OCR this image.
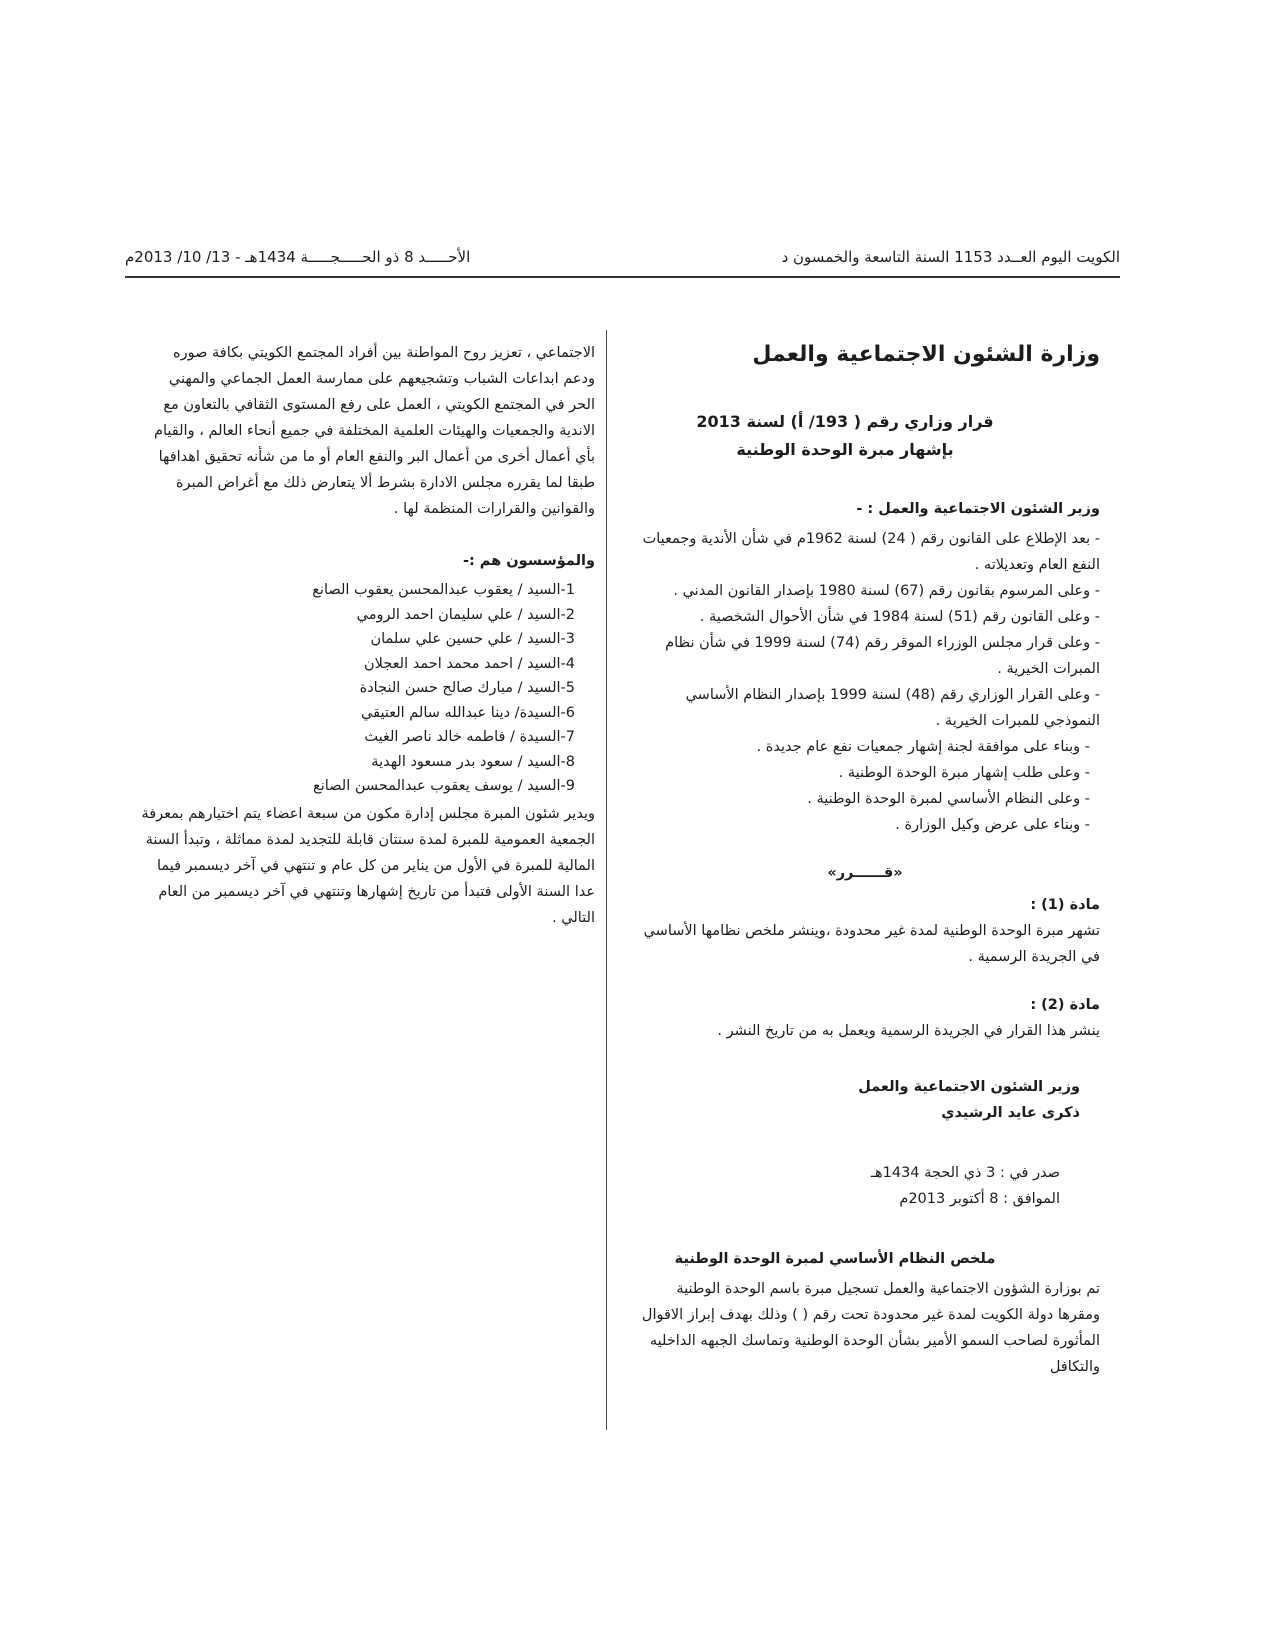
الكويت اليوم العــدد 1153 السنة التاسعة والخمسون د
الأحـــــد 8 ذو الحـــــجـــــة 1434هـ - 13/ 10/ 2013م
وزارة الشئون الاجتماعية والعمل
قرار وزاري رقم ( 193/ أ) لسنة 2013
بإشهار مبرة الوحدة الوطنية
وزير الشئون الاجتماعية والعمل : -

- بعد الإطلاع على القانون رقم ( 24) لسنة 1962م في شأن الأندية وجمعيات النفع العام وتعديلاته .

- وعلى المرسوم بقانون رقم (67) لسنة 1980 بإصدار القانون المدني .

- وعلى القانون رقم (51) لسنة 1984 في شأن الأحوال الشخصية .

- وعلى قرار مجلس الوزراء الموقر رقم (74) لسنة 1999 في شأن نظام المبرات الخيرية .

- وعلى القرار الوزاري رقم (48) لسنة 1999 بإصدار النظام الأساسي النموذجي للمبرات الخيرية .

- وبناء على موافقة لجنة إشهار جمعيات نفع عام جديدة .

- وعلى طلب إشهار مبرة الوحدة الوطنية .

- وعلى النظام الأساسي لمبرة الوحدة الوطنية .

- وبناء على عرض وكيل الوزارة .

«قــــــرر»
مادة (1) :

تشهر مبرة الوحدة الوطنية لمدة غير محدودة ،وينشر ملخص نظامها الأساسي في الجريدة الرسمية .

مادة (2) :

ينشر هذا القرار في الجريدة الرسمية ويعمل به من تاريخ النشر .

وزير الشئون الاجتماعية والعمل
ذكرى عايد الرشيدي
صدر في : 3 ذي الحجة 1434هـ
الموافق : 8 أكتوبر 2013م
ملخص النظام الأساسي لمبرة الوحدة الوطنية

تم بوزارة الشؤون الاجتماعية والعمل تسجيل مبرة باسم الوحدة الوطنية ومقرها دولة الكويت لمدة غير محدودة تحت رقم ( ) وذلك بهدف إبراز الاقوال المأثورة لصاحب السمو الأمير بشأن الوحدة الوطنية وتماسك الجبهه الداخليه والتكافل

الاجتماعي ، تعزيز روح المواطنة بين أفراد المجتمع الكويتي بكافة صوره ودعم ابداعات الشباب وتشجيعهم على ممارسة العمل الجماعي والمهني الحر في المجتمع الكويتي ، العمل على رفع المستوى الثقافي بالتعاون مع الاندية والجمعيات والهيئات العلمية المختلفة في جميع أنحاء العالم ، والقيام بأي أعمال أخرى من أعمال البر والنفع العام أو ما من شأنه تحقيق اهدافها طبقا لما يقرره مجلس الادارة بشرط ألا يتعارض ذلك مع أغراض المبرة والقوانين والقرارات المنظمة لها .

والمؤسسون هم :-
1-السيد / يعقوب عبدالمحسن يعقوب الصانع
2-السيد / علي سليمان احمد الرومي
3-السيد / علي حسين علي سلمان
4-السيد / احمد محمد احمد العجلان
5-السيد / مبارك صالح حسن النجادة
6-السيدة/ دينا عبدالله سالم العتيقي
7-السيدة / فاطمه خالد ناصر الغيث
8-السيد / سعود بدر مسعود الهدية
9-السيد / يوسف يعقوب عبدالمحسن الصانع

ويدير شئون المبرة مجلس إدارة مكون من سبعة اعضاء يتم اختيارهم بمعرفة الجمعية العمومية للمبرة لمدة سنتان قابلة للتجديد لمدة مماثلة ، وتبدأ السنة المالية للمبرة في الأول من يناير من كل عام و تنتهي في آخر ديسمبر فيما عدا السنة الأولى فتبدأ من تاريخ إشهارها وتنتهي في آخر ديسمبر من العام التالي .
